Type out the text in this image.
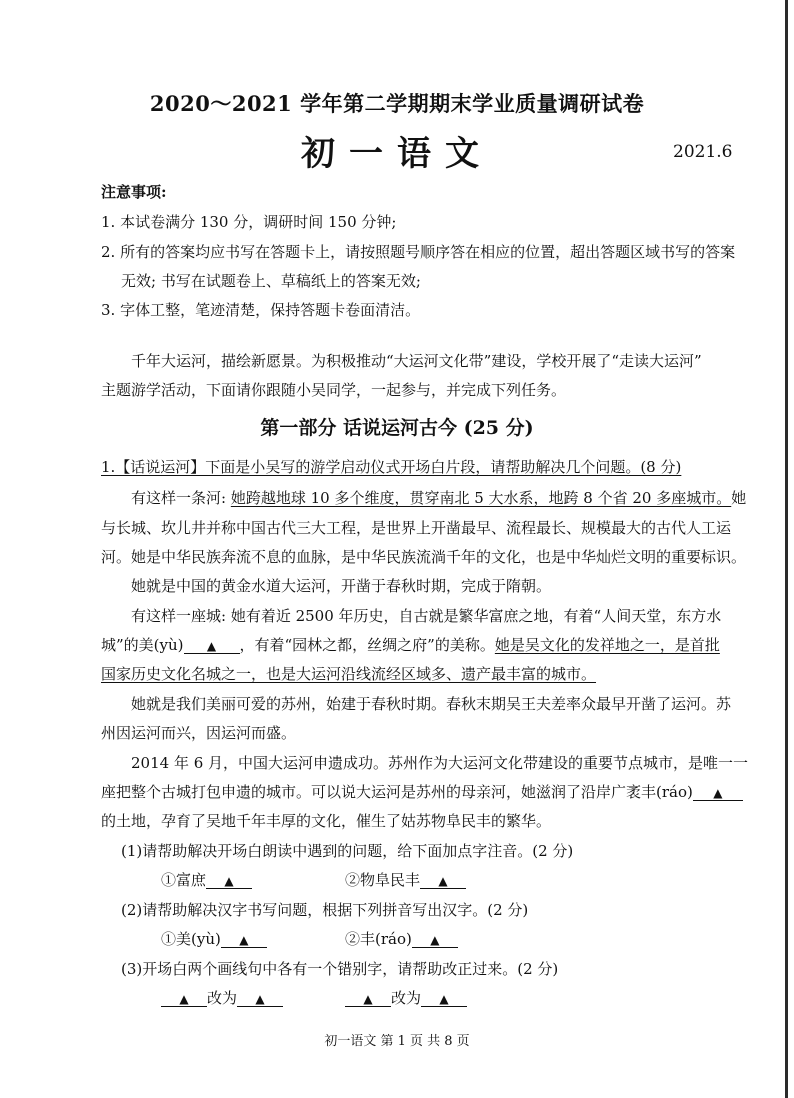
2020～2021 学年第二学期期末学业质量调研试卷
初一语文	2021.6
注意事项:
1. 本试卷满分 130 分，调研时间 150 分钟;
2. 所有的答案均应书写在答题卡上，请按照题号顺序答在相应的位置，超出答题区域书写的答案
无效; 书写在试题卷上、草稿纸上的答案无效;
3. 字体工整，笔迹清楚，保持答题卡卷面清洁。
千年大运河，描绘新愿景。为积极推动“大运河文化带”建设，学校开展了“走读大运河”
主题游学活动，下面请你跟随小吴同学，一起参与，并完成下列任务。
第一部分 话说运河古今 (25 分)
1.【话说运河】下面是小吴写的游学启动仪式开场白片段，请帮助解决几个问题。(8 分)
有这样一条河: 她跨越地球 10 多个维度，贯穿南北 5 大水系，地跨 8 个省 20 多座城市。她
与长城、坎儿井并称中国古代三大工程，是世界上开凿最早、流程最长、规模最大的古代人工运
河。她是中华民族奔流不息的血脉，是中华民族流淌千年的文化，也是中华灿烂文明的重要标识。
她就是中国的黄金水道大运河，开凿于春秋时期，完成于隋朝。
有这样一座城: 她有着近 2500 年历史，自古就是繁华富庶之地，有着“人间天堂，东方水
城”的美(yù) ▲ ，有着“园林之都，丝绸之府”的美称。她是吴文化的发祥地之一，是首批
国家历史文化名城之一，也是大运河沿线流经区域多、遗产最丰富的城市。
她就是我们美丽可爱的苏州，始建于春秋时期。春秋末期吴王夫差率众最早开凿了运河。苏
州因运河而兴，因运河而盛。
2014 年 6 月，中国大运河申遗成功。苏州作为大运河文化带建设的重要节点城市，是唯一一
座把整个古城打包申遗的城市。可以说大运河是苏州的母亲河，她滋润了沿岸广袤丰(ráo) ▲
的土地，孕育了吴地千年丰厚的文化，催生了姑苏物阜民丰的繁华。
(1)请帮助解决开场白朗读中遇到的问题，给下面加点字注音。(2 分)
①富庶 ▲	②物阜民丰 ▲
(2)请帮助解决汉字书写问题，根据下列拼音写出汉字。(2 分)
①美(yù) ▲	②丰(ráo) ▲
(3)开场白两个画线句中各有一个错别字，请帮助改正过来。(2 分)
▲ 改为 ▲	▲ 改为 ▲
初一语文 第 1 页 共 8 页
